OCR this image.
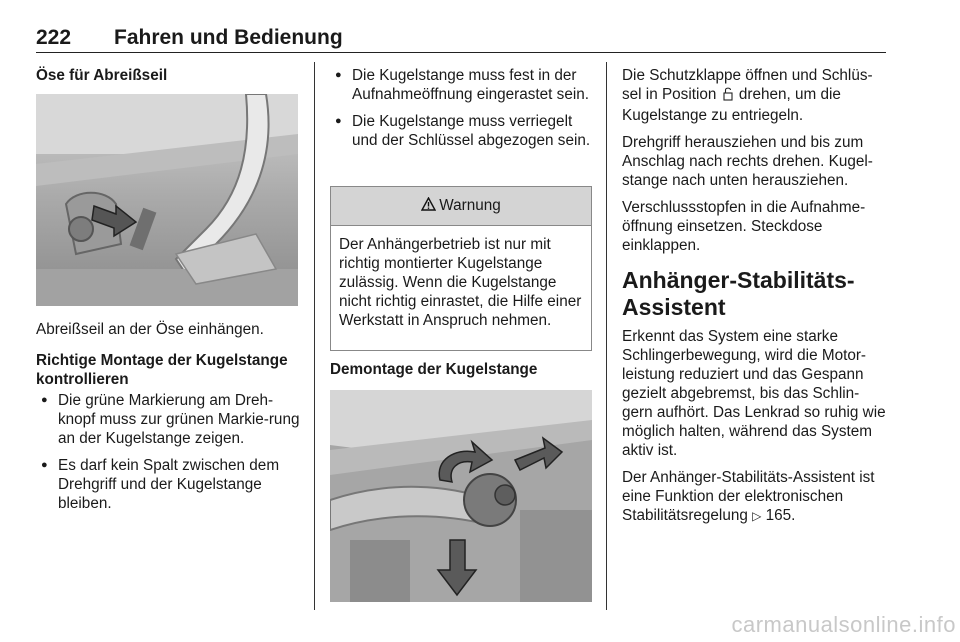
222 Fahren und Bedienung
Öse für Abreißseil

Abreißseil an der Öse einhängen.

Richtige Montage der Kugelstange kontrollieren
● Die grüne Markierung am Dreh-knopf muss zur grünen Markie-rung an der Kugelstange zeigen.
● Es darf kein Spalt zwischen dem Drehgriff und der Kugelstange bleiben.
● Die Kugelstange muss fest in der Aufnahmeöffnung eingerastet sein.
● Die Kugelstange muss verriegelt und der Schlüssel abgezogen sein.
Warnung
Der Anhängerbetrieb ist nur mit richtig montierter Kugelstange zulässig. Wenn die Kugelstange nicht richtig einrastet, die Hilfe einer Werkstatt in Anspruch nehmen.
Demontage der Kugelstange

Die Schutzklappe öffnen und Schlüs-sel in Position drehen, um die Kugelstange zu entriegeln.

Drehgriff herausziehen und bis zum Anschlag nach rechts drehen. Kugel-stange nach unten herausziehen.

Verschlussstopfen in die Aufnahme-öffnung einsetzen. Steckdose einklappen.

Anhänger-Stabilitäts-Assistent

Erkennt das System eine starke Schlingerbewegung, wird die Motor-leistung reduziert und das Gespann gezielt abgebremst, bis das Schlin-gern aufhört. Das Lenkrad so ruhig wie möglich halten, während das System aktiv ist.

Der Anhänger-Stabilitäts-Assistent ist eine Funktion der elektronischen Stabilitätsregelung ▷ 165.

carmanualsonline.info
